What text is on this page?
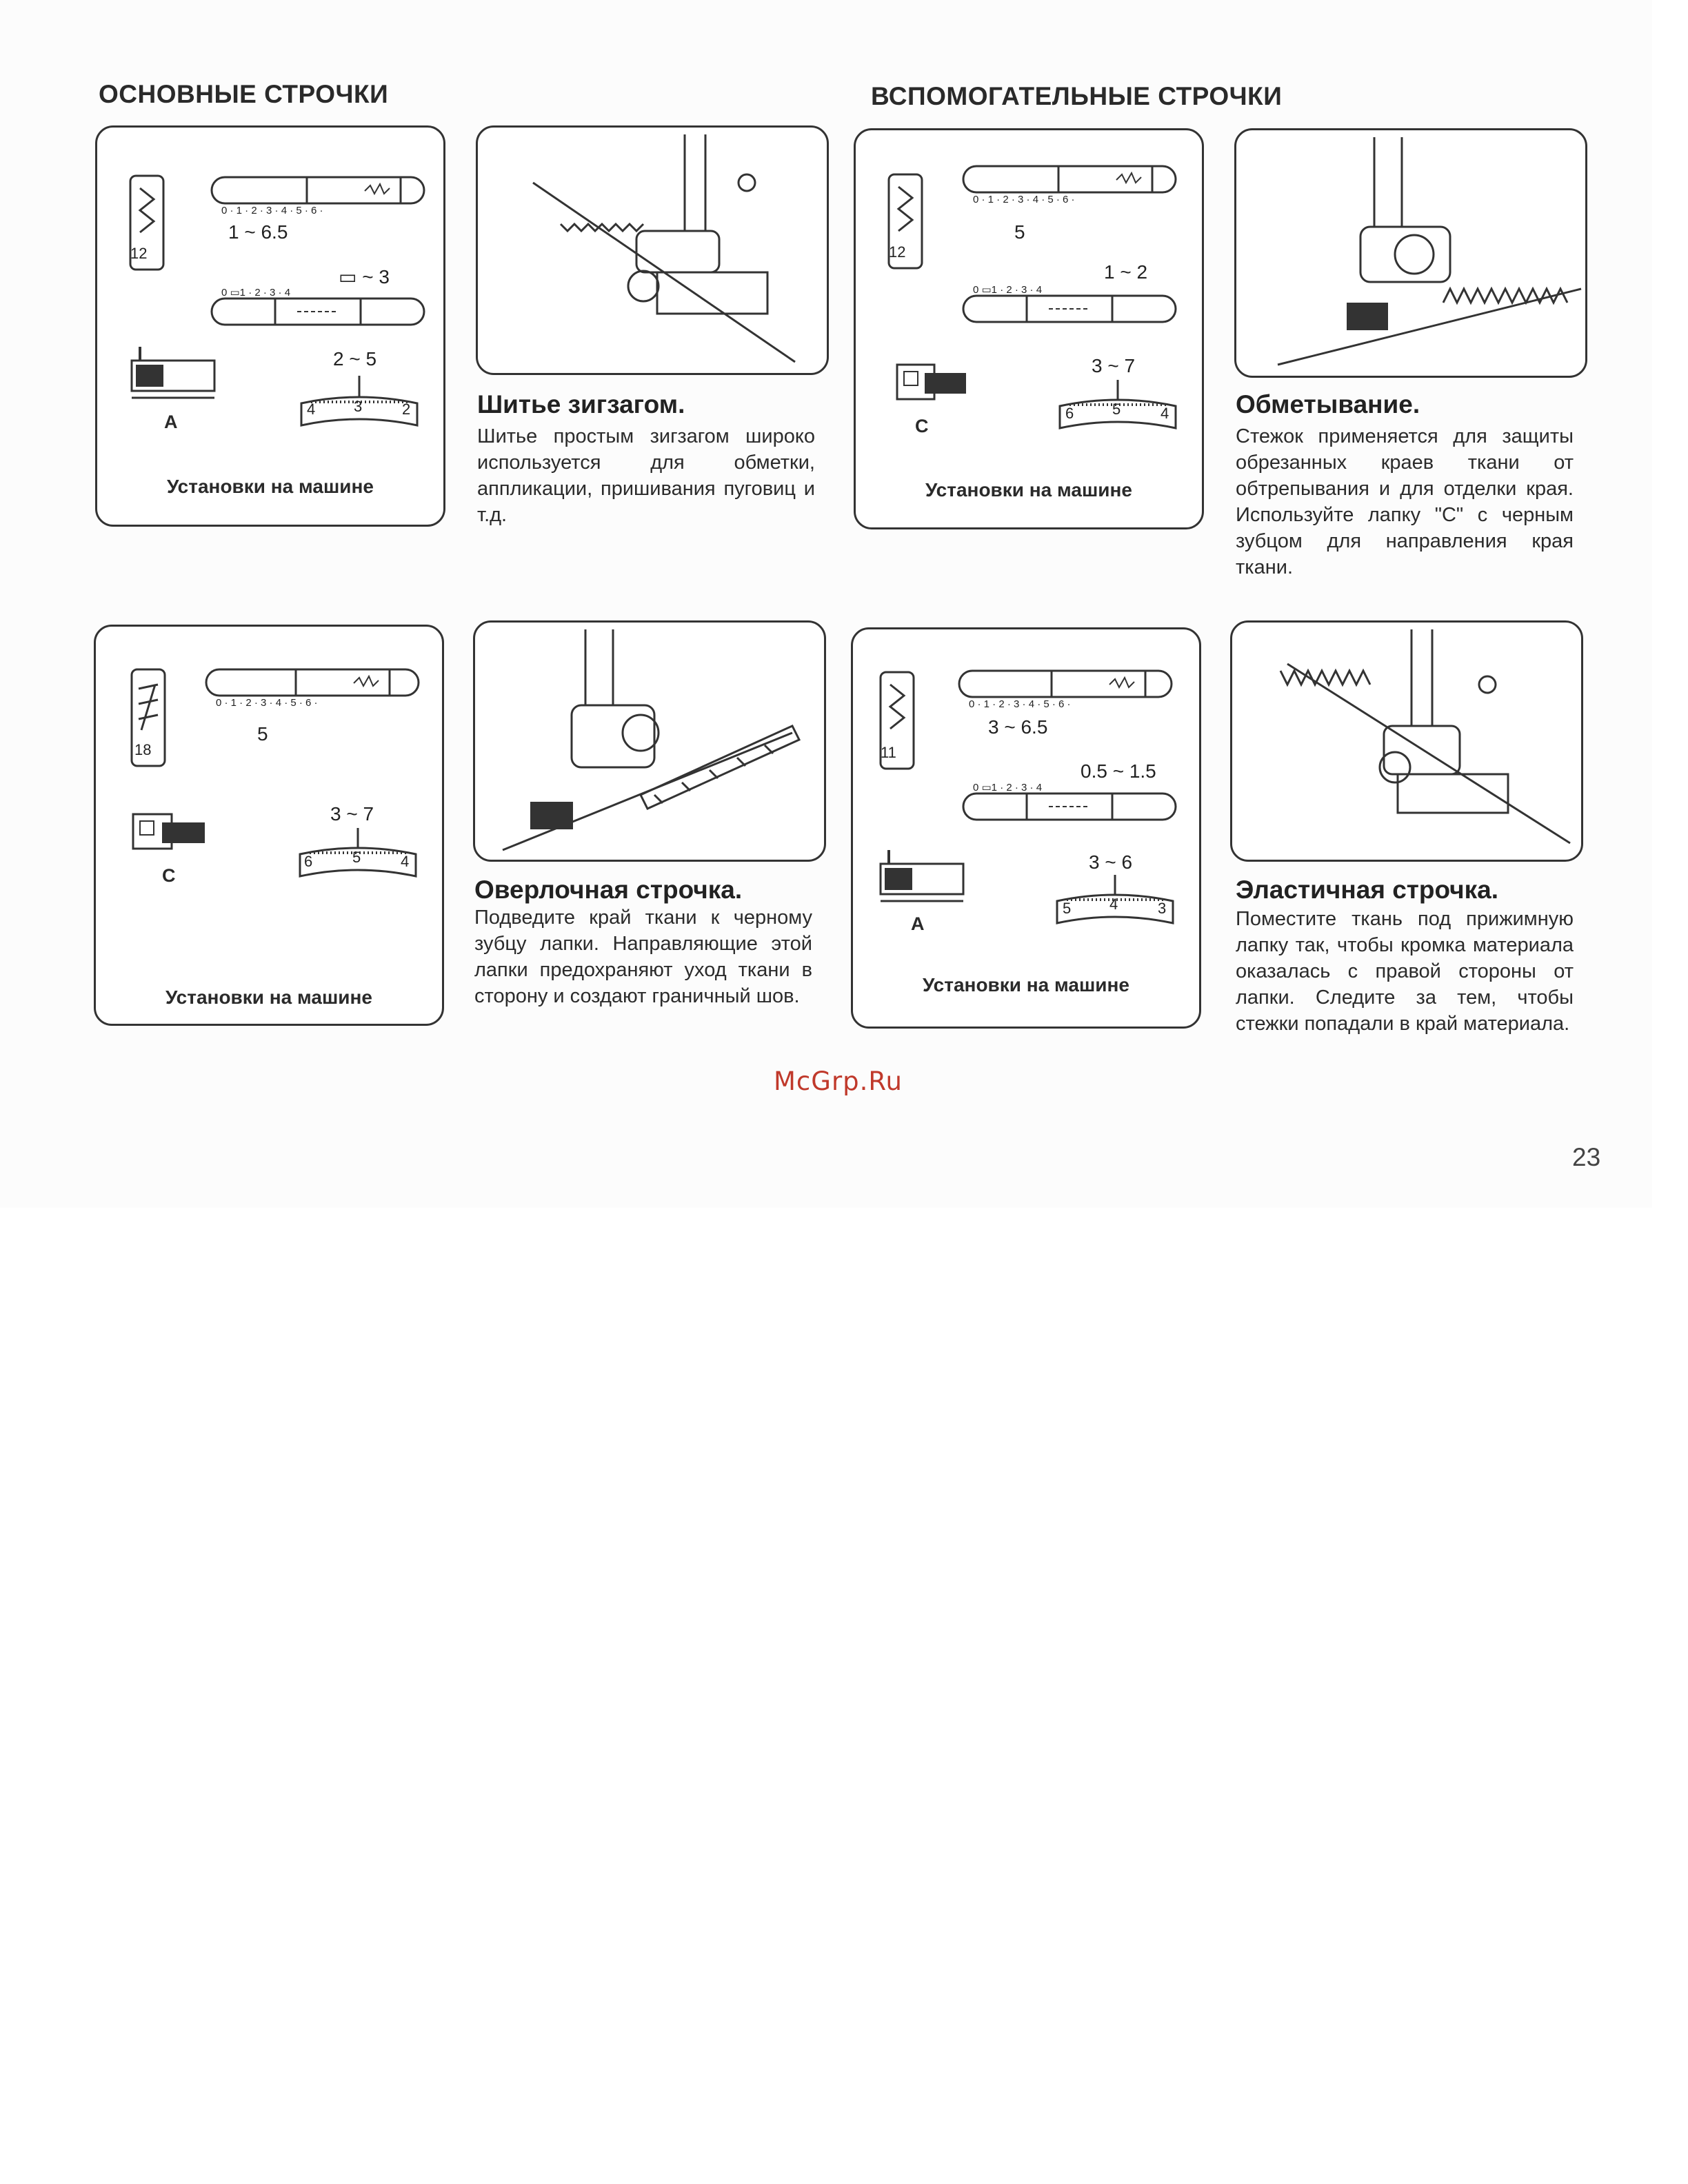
ОСНОВНЫЕ СТРОЧКИ	ВСПОМОГАТЕЛЬНЫЕ СТРОЧКИ
12
0 · 1 · 2 · 3 · 4 · 5 · 6 ·
1 ~ 6.5
▭ ~ 3
0 ▭1 · 2 · 3 · 4
A
2 ~ 5
4	3	2
Установки на машине
Шитье зигзагом.
Шитье простым зигзагом широко используется для обметки, аппликации, пришивания пуговиц и т.д.
12
0 · 1 · 2 · 3 · 4 · 5 · 6 ·
5
1 ~ 2
0 ▭1 · 2 · 3 · 4
C
3 ~ 7
6	5	4
Установки на машине
Обметывание.
Стежок применяется для защиты обрезанных краев ткани от обтрепывания и для отделки края. Используйте лапку "С" с черным зубцом для направления края ткани.
18
0 · 1 · 2 · 3 · 4 · 5 · 6 ·
5
C
3 ~ 7
6	5	4
Установки на машине
Оверлочная строчка.
Подведите край ткани к черному зубцу лапки. Направляющие этой лапки предохраняют уход ткани в сторону и создают граничный шов.
11
0 · 1 · 2 · 3 · 4 · 5 · 6 ·
3 ~ 6.5
0.5 ~ 1.5
0 ▭1 · 2 · 3 · 4
A
3 ~ 6
5	4	3
Установки на машине
Эластичная строчка.
Поместите ткань под прижимную лапку так, чтобы кромка материала оказалась с правой стороны от лапки. Следите за тем, чтобы стежки попадали в край материала.
McGrp.Ru
23
